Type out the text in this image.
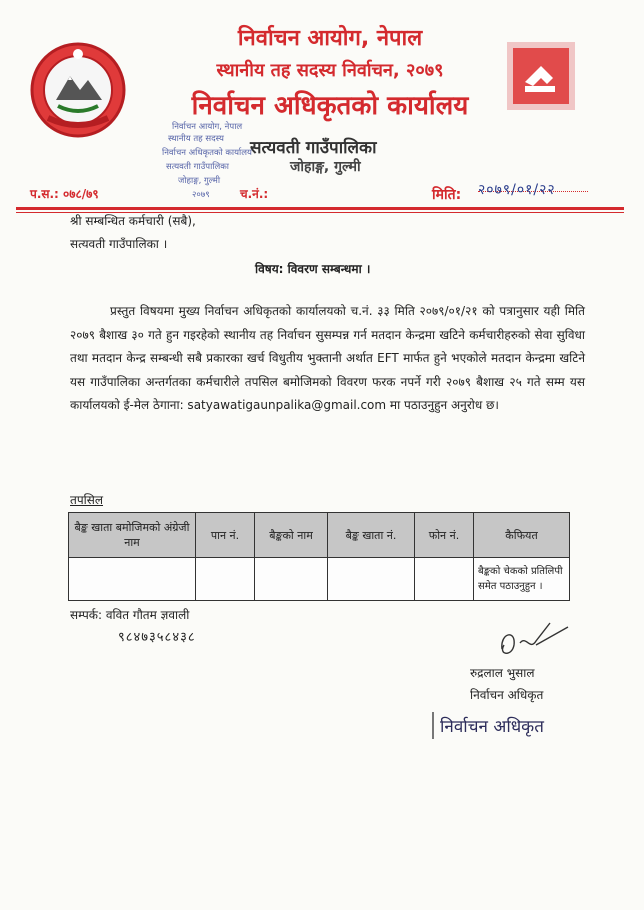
निर्वाचन आयोग, नेपाल
स्थानीय तह सदस्य निर्वाचन, २०७९
निर्वाचन अधिकृतको कार्यालय
सत्यवती गाउँपालिका
जोहाङ्ग, गुल्मी
निर्वाचन आयोग, नेपाल
स्थानीय तह सदस्य
निर्वाचन अधिकृतको कार्यालय
सत्यवती गाउँपालिका
जोहाङ्ग, गुल्मी
२०७९
प.स.: ०७८/७९	च.नं.:	मिति: २०७९/०१/२२
श्री सम्बन्धित कर्मचारी (सबै),
सत्यवती गाउँपालिका ।
विषय: विवरण सम्बन्धमा ।
प्रस्तुत विषयमा मुख्य निर्वाचन अधिकृतको कार्यालयको च.नं. ३३ मिति २०७९/०१/२१ को पत्रानुसार यही मिति २०७९ बैशाख ३० गते हुन गइरहेको स्थानीय तह निर्वाचन सुसम्पन्न गर्न मतदान केन्द्रमा खटिने कर्मचारीहरुको सेवा सुविधा तथा मतदान केन्द्र सम्बन्धी सबै प्रकारका खर्च विधुतीय भुक्तानी अर्थात EFT मार्फत हुने भएकोले मतदान केन्द्रमा खटिने यस गाउँपालिका अन्तर्गतका कर्मचारीले तपसिल बमोजिमको विवरण फरक नपर्ने गरी २०७९ बैशाख २५ गते सम्म यस कार्यालयको ई-मेल ठेगाना: satyawatigaunpalika@gmail.com मा पठाउनुहुन अनुरोध छ।
तपसिल
बैङ्क खाता बमोजिमको अंग्रेजी नाम	पान नं.	बैङ्कको नाम	बैङ्क खाता नं.	फोन नं.	कैफियत
					बैङ्कको चेकको प्रतिलिपी समेत पठाउनुहुन ।
सम्पर्क: ववित गौतम ज्ञवाली
९८४७३५८४३८
रुद्रलाल भुसाल
निर्वाचन अधिकृत
निर्वाचन अधिकृत
